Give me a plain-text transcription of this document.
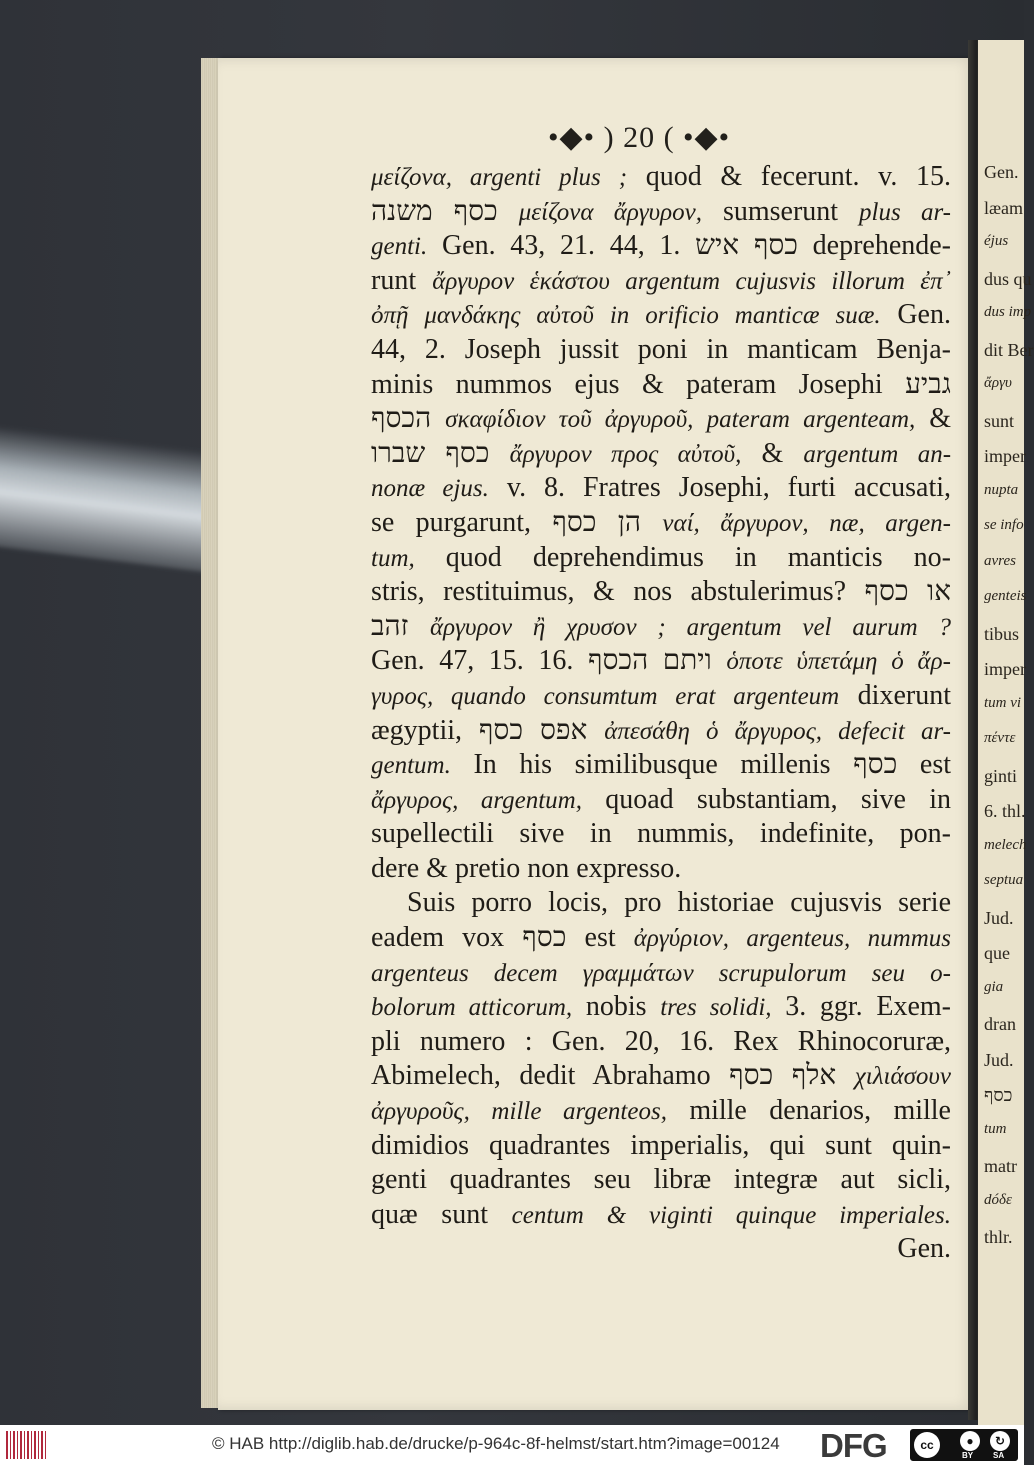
Gen.
læam
éjus
dus qu
dus imp
dit Ber
ἄργυ
sunt
imper
nupta
se info
avres
genteis
tibus
imper
tum vi
πέντε
ginti
6. thl.
melech
septua
Jud.
que
gia
dran
Jud.
כסף
tum
matr
dóδε
thlr.
•◆• ) 20 ( •◆•
μείζονα, argenti plus ; quod & fecerunt. v. 15.
כסף משנה μείζονα ἄργυρον, sumserunt plus ar-
genti. Gen. 43, 21. 44, 1. כסף איש deprehende-
runt ἄργυρον ἑκάστου argentum cujusvis illorum ἐπ᾽
ὀπῇ μανδάκης αὐτοῦ in orificio manticæ suæ. Gen.
44, 2. Joseph jussit poni in manticam Benja-
minis nummos ejus & pateram Josephi גביע
הכסף σκαφίδιον τοῦ ἀργυροῦ, pateram argenteam, &
כסף שברו ἄργυρον προς αὐτοῦ, & argentum an-
nonæ ejus. v. 8. Fratres Josephi, furti accusati,
se purgarunt, הן כסף ναί, ἄργυρον, næ, argen-
tum, quod deprehendimus in manticis no-
stris, restituimus, & nos abstulerimus? או כסף
זהב ἄργυρον ἢ χρυσον ; argentum vel aurum ?
Gen. 47, 15. 16. ויתם הכסף ὁποτε ὑπετάμη ὁ ἄρ-
γυρος, quando consumtum erat argenteum dixerunt
ægyptii, אפס כסף ἀπεσάθη ὁ ἄργυρος, defecit ar-
gentum. In his similibusque millenis כסף est
ἄργυρος, argentum, quoad substantiam, sive in
supellectili sive in nummis, indefinite, pon-
dere & pretio non expresso.
Suis porro locis, pro historiae cujusvis serie
eadem vox כסף est ἀργύριον, argenteus, nummus
argenteus decem γραμμάτων scrupulorum seu o-
bolorum atticorum, nobis tres solidi, 3. ggr. Exem-
pli numero : Gen. 20, 16. Rex Rhinocoruræ,
Abimelech, dedit Abrahamo אלף כסף χιλιάσουν
ἀργυροῦς, mille argenteos, mille denarios, mille
dimidios quadrantes imperialis, qui sunt quin-
genti quadrantes seu libræ integræ aut sicli,
quæ sunt centum & viginti quinque imperiales.
Gen.
© HAB http://diglib.hab.de/drucke/p-964c-8f-helmst/start.htm?image=00124 DFG	cc	●	↻
BY SA
